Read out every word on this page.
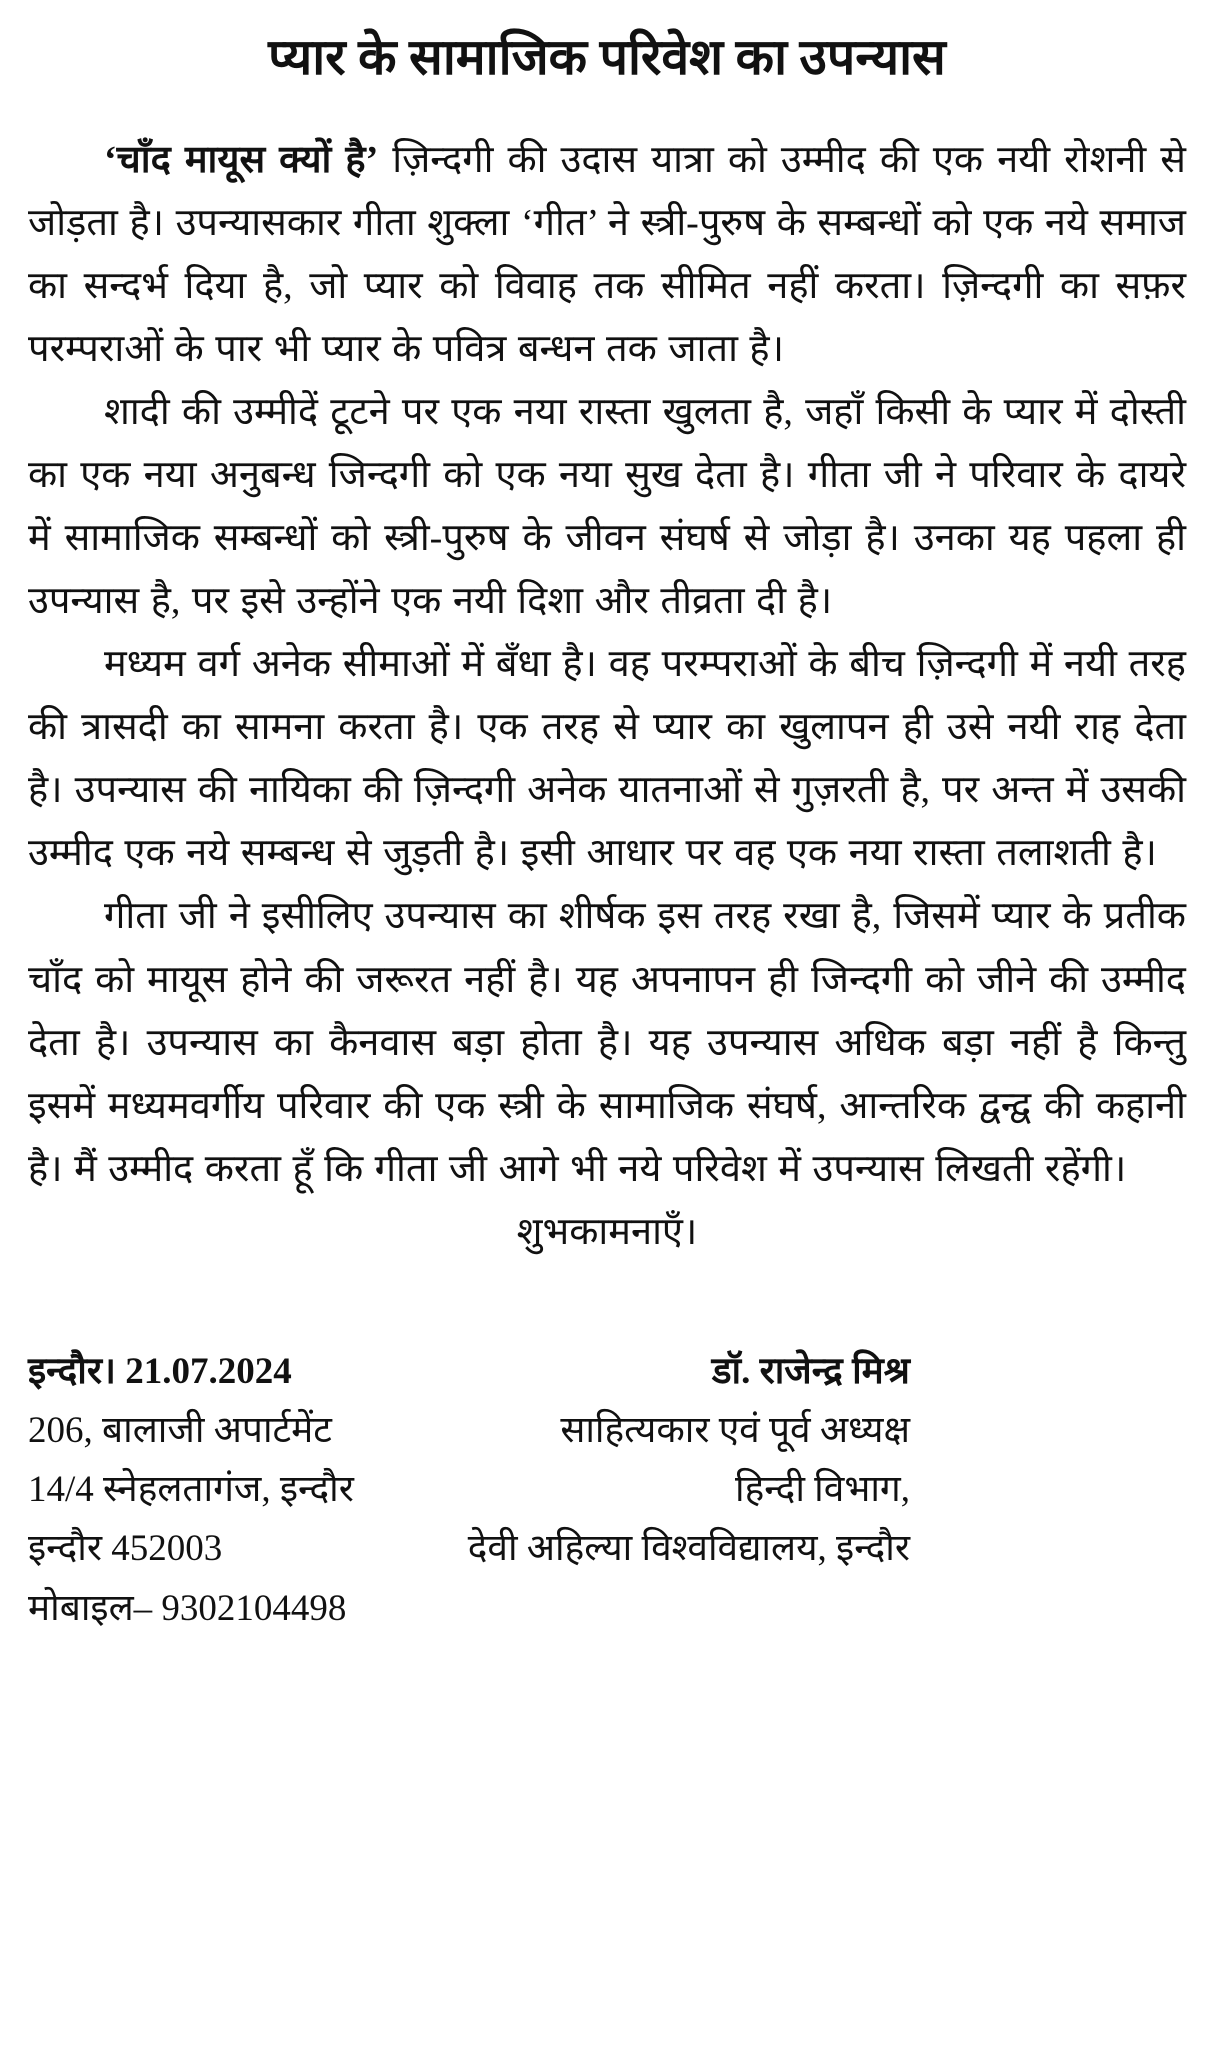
प्यार के सामाजिक परिवेश का उपन्यास

‘चाँद मायूस क्यों है’ ज़िन्दगी की उदास यात्रा को उम्मीद की एक नयी रोशनी से जोड़ता है। उपन्यासकार गीता शुक्ला ‘गीत’ ने स्त्री-पुरुष के सम्बन्धों को एक नये समाज का सन्दर्भ दिया है, जो प्यार को विवाह तक सीमित नहीं करता। ज़िन्दगी का सफ़र परम्पराओं के पार भी प्यार के पवित्र बन्धन तक जाता है।

शादी की उम्मीदें टूटने पर एक नया रास्ता खुलता है, जहाँ किसी के प्यार में दोस्ती का एक नया अनुबन्ध जिन्दगी को एक नया सुख देता है। गीता जी ने परिवार के दायरे में सामाजिक सम्बन्धों को स्त्री-पुरुष के जीवन संघर्ष से जोड़ा है। उनका यह पहला ही उपन्यास है, पर इसे उन्होंने एक नयी दिशा और तीव्रता दी है।

मध्यम वर्ग अनेक सीमाओं में बँधा है। वह परम्पराओं के बीच ज़िन्दगी में नयी तरह की त्रासदी का सामना करता है। एक तरह से प्यार का खुलापन ही उसे नयी राह देता है। उपन्यास की नायिका की ज़िन्दगी अनेक यातनाओं से गुज़रती है, पर अन्त में उसकी उम्मीद एक नये सम्बन्ध से जुड़ती है। इसी आधार पर वह एक नया रास्ता तलाशती है।

गीता जी ने इसीलिए उपन्यास का शीर्षक इस तरह रखा है, जिसमें प्यार के प्रतीक चाँद को मायूस होने की जरूरत नहीं है। यह अपनापन ही जिन्दगी को जीने की उम्मीद देता है। उपन्यास का कैनवास बड़ा होता है। यह उपन्यास अधिक बड़ा नहीं है किन्तु इसमें मध्यमवर्गीय परिवार की एक स्त्री के सामाजिक संघर्ष, आन्तरिक द्वन्द्व की कहानी है। मैं उम्मीद करता हूँ कि गीता जी आगे भी नये परिवेश में उपन्यास लिखती रहेंगी।

शुभकामनाएँ।

इन्दौर। 21.07.2024
206, बालाजी अपार्टमेंट
14/4 स्नेहलतागंज, इन्दौर
इन्दौर 452003
मोबाइल– 9302104498
डॉ. राजेन्द्र मिश्र
साहित्यकार एवं पूर्व अध्यक्ष
हिन्दी विभाग,
देवी अहिल्या विश्वविद्यालय, इन्दौर
